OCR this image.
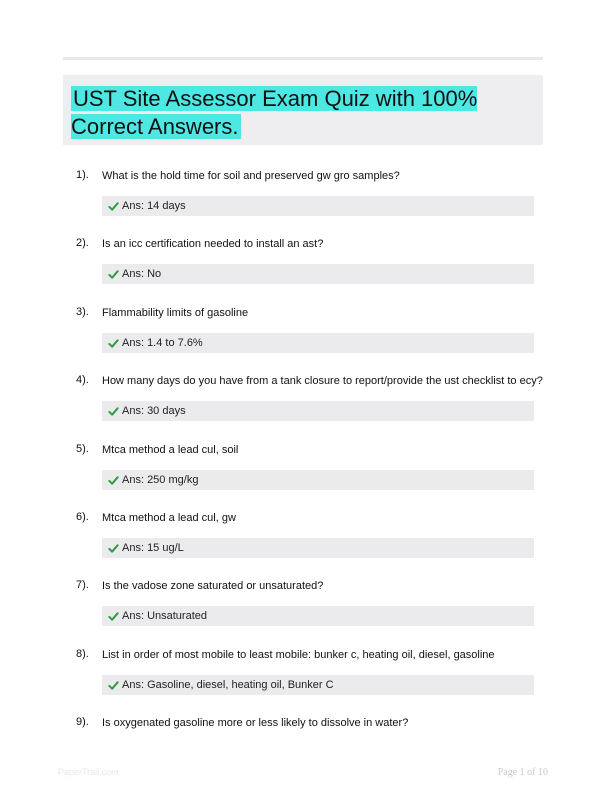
UST Site Assessor Exam Quiz with 100% Correct Answers.
1). What is the hold time for soil and preserved gw gro samples?
Ans: 14 days
2). Is an icc certification needed to install an ast?
Ans: No
3). Flammability limits of gasoline
Ans: 1.4 to 7.6%
4). How many days do you have from a tank closure to report/provide the ust checklist to ecy?
Ans: 30 days
5). Mtca method a lead cul, soil
Ans: 250 mg/kg
6). Mtca method a lead cul, gw
Ans: 15 ug/L
7). Is the vadose zone saturated or unsaturated?
Ans: Unsaturated
8). List in order of most mobile to least mobile: bunker c, heating oil, diesel, gasoline
Ans: Gasoline, diesel, heating oil, Bunker C
9). Is oxygenated gasoline more or less likely to dissolve in water?
PaperTrail.com	Page 1 of 10
